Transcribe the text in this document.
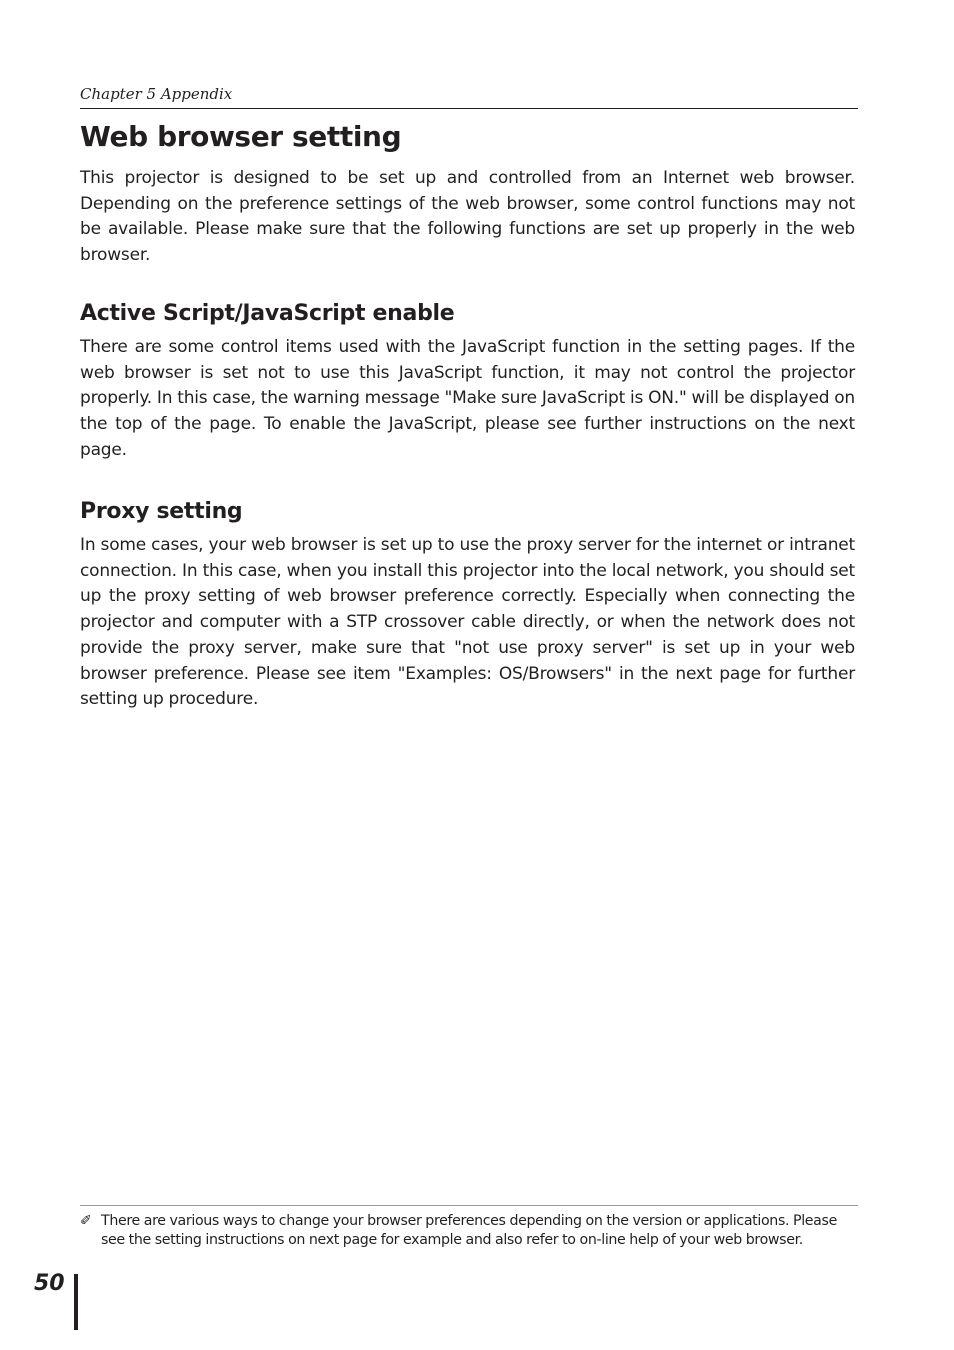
Chapter 5 Appendix
Web browser setting

This projector is designed to be set up and controlled from an Internet web browser. Depending on the preference settings of the web browser, some control functions may not be available. Please make sure that the following functions are set up properly in the web browser.

Active Script/JavaScript enable

There are some control items used with the JavaScript function in the setting pages. If the web browser is set not to use this JavaScript function, it may not control the projector properly. In this case, the warning message "Make sure JavaScript is ON." will be displayed on the top of the page. To enable the JavaScript, please see further instructions on the next page.

Proxy setting

In some cases, your web browser is set up to use the proxy server for the internet or intranet connection. In this case, when you install this projector into the local network, you should set up the proxy setting of web browser preference correctly. Especially when connecting the projector and computer with a STP crossover cable directly, or when the network does not provide the proxy server, make sure that "not use proxy server" is set up in your web browser preference. Please see item "Examples: OS/Browsers" in the next page for further setting up procedure.

✐ There are various ways to change your browser preferences depending on the version or applications. Please see the setting instructions on next page for example and also refer to on-line help of your web browser.

50
